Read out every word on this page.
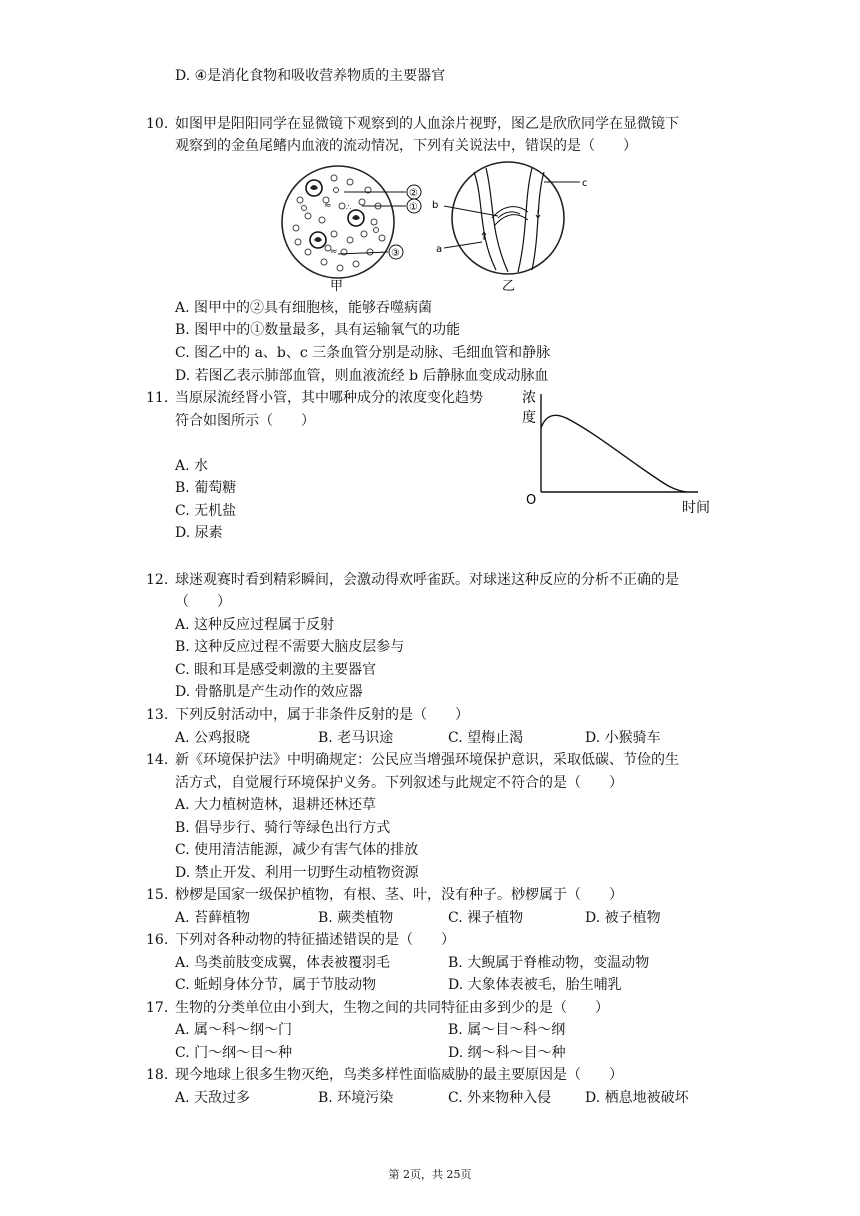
D. ④是消化食物和吸收营养物质的主要器官
10. 如图甲是阳阳同学在显微镜下观察到的人血涂片视野，图乙是欣欣同学在显微镜下
观察到的金鱼尾鳍内血液的流动情况，下列有关说法中，错误的是（　　）
≈ ∴
≈
②
①
③
甲
c
b
a
乙
A. 图甲中的②具有细胞核，能够吞噬病菌
B. 图甲中的①数量最多，具有运输氧气的功能
C. 图乙中的 a、b、c 三条血管分别是动脉、毛细血管和静脉
D. 若图乙表示肺部血管，则血液流经 b 后静脉血变成动脉血
11. 当原尿流经肾小管，其中哪种成分的浓度变化趋势
符合如图所示（　　）
A. 水
B. 葡萄糖
C. 无机盐
D. 尿素
浓
度
O	时间
12. 球迷观赛时看到精彩瞬间，会激动得欢呼雀跃。对球迷这种反应的分析不正确的是
（　　）
A. 这种反应过程属于反射
B. 这种反应过程不需要大脑皮层参与
C. 眼和耳是感受刺激的主要器官
D. 骨骼肌是产生动作的效应器
13. 下列反射活动中，属于非条件反射的是（　　）
A. 公鸡报晓	B. 老马识途	C. 望梅止渴	D. 小猴骑车
14. 新《环境保护法》中明确规定：公民应当增强环境保护意识，采取低碳、节俭的生
活方式，自觉履行环境保护义务。下列叙述与此规定不符合的是（　　）
A. 大力植树造林，退耕还林还草
B. 倡导步行、骑行等绿色出行方式
C. 使用清洁能源，减少有害气体的排放
D. 禁止开发、利用一切野生动植物资源
15. 桫椤是国家一级保护植物，有根、茎、叶，没有种子。桫椤属于（　　）
A. 苔藓植物	B. 蕨类植物	C. 裸子植物	D. 被子植物
16. 下列对各种动物的特征描述错误的是（　　）
A. 鸟类前肢变成翼，体表被覆羽毛	B. 大鲵属于脊椎动物，变温动物
C. 蚯蚓身体分节，属于节肢动物	D. 大象体表被毛，胎生哺乳
17. 生物的分类单位由小到大，生物之间的共同特征由多到少的是（　　）
A. 属～科～纲～门	B. 属～目～科～纲
C. 门～纲～目～种	D. 纲～科～目～种
18. 现今地球上很多生物灭绝，鸟类多样性面临威胁的最主要原因是（　　）
A. 天敌过多	B. 环境污染	C. 外来物种入侵 D. 栖息地被破坏
第 2页，共 25页
